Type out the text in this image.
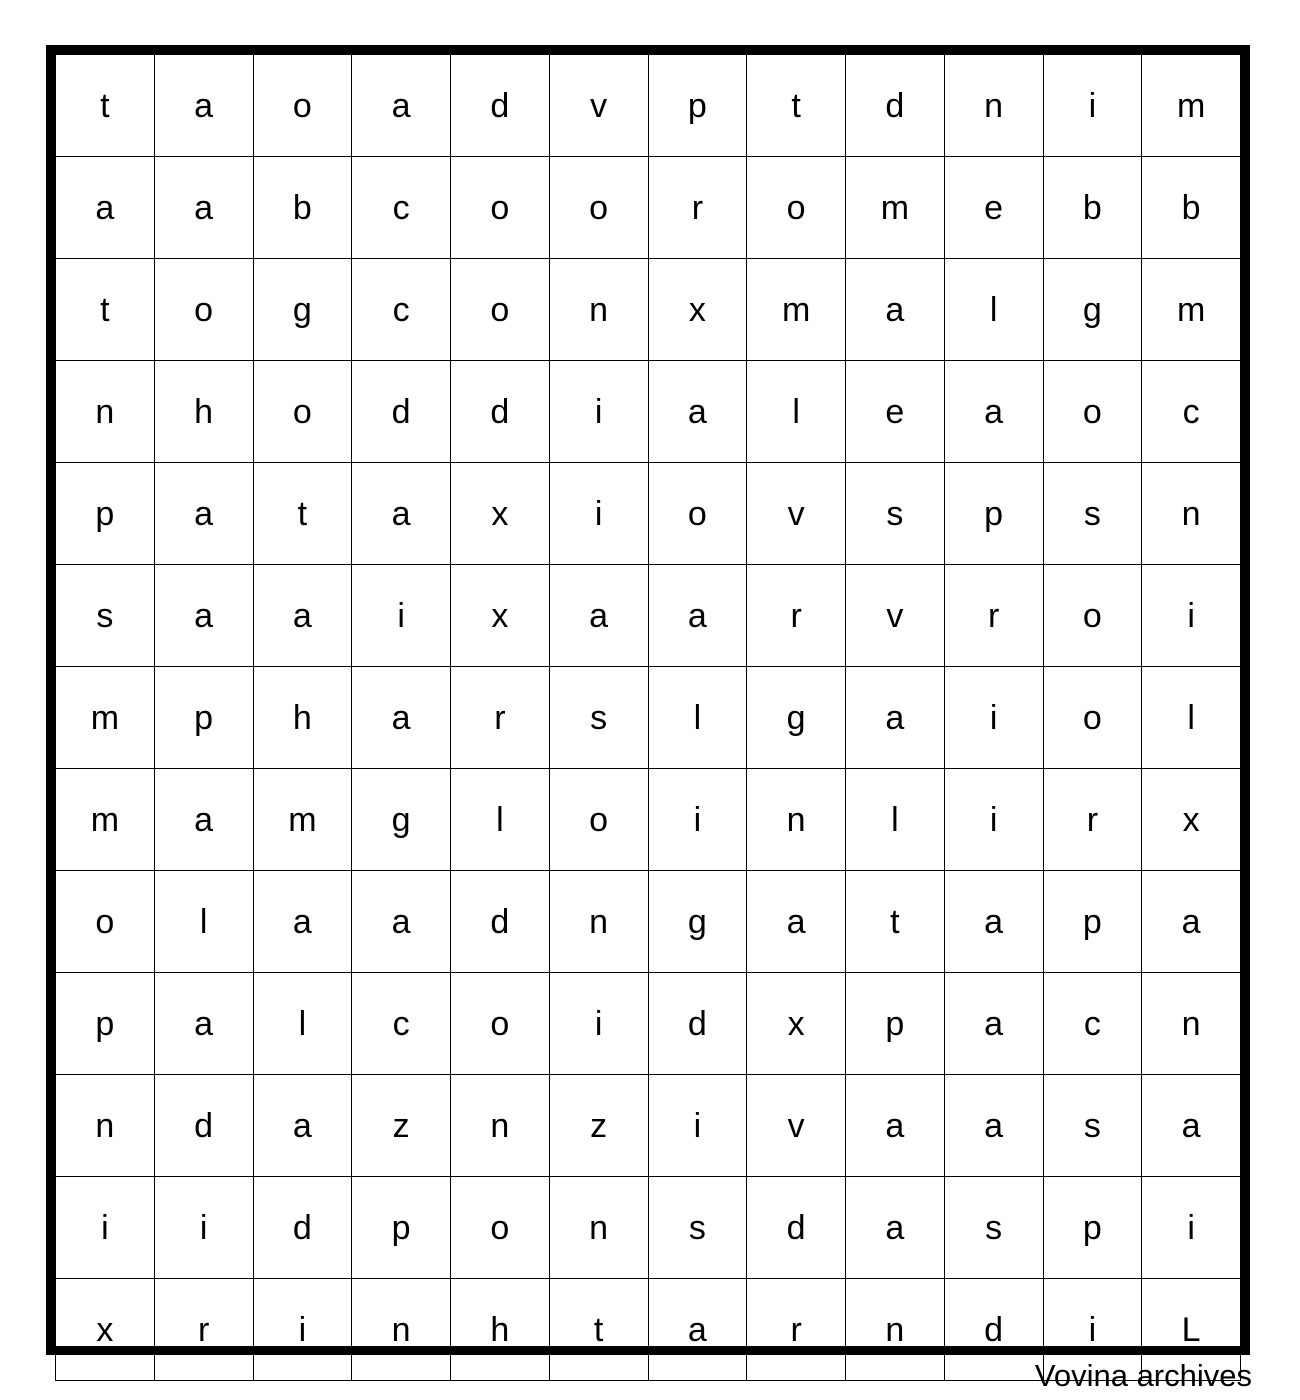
t	a	o	a	d	v	p	t	d	n	i	m
a	a	b	c	o	o	r	o	m	e	b	b
t	o	g	c	o	n	x	m	a	l	g	m
n	h	o	d	d	i	a	l	e	a	o	c
p	a	t	a	x	i	o	v	s	p	s	n
s	a	a	i	x	a	a	r	v	r	o	i
m	p	h	a	r	s	l	g	a	i	o	l
m	a	m	g	l	o	i	n	l	i	r	x
o	l	a	a	d	n	g	a	t	a	p	a
p	a	l	c	o	i	d	x	p	a	c	n
n	d	a	z	n	z	i	v	a	a	s	a
i	i	d	p	o	n	s	d	a	s	p	i
x	r	i	n	h	t	a	r	n	d	i	L
Vovina archives
